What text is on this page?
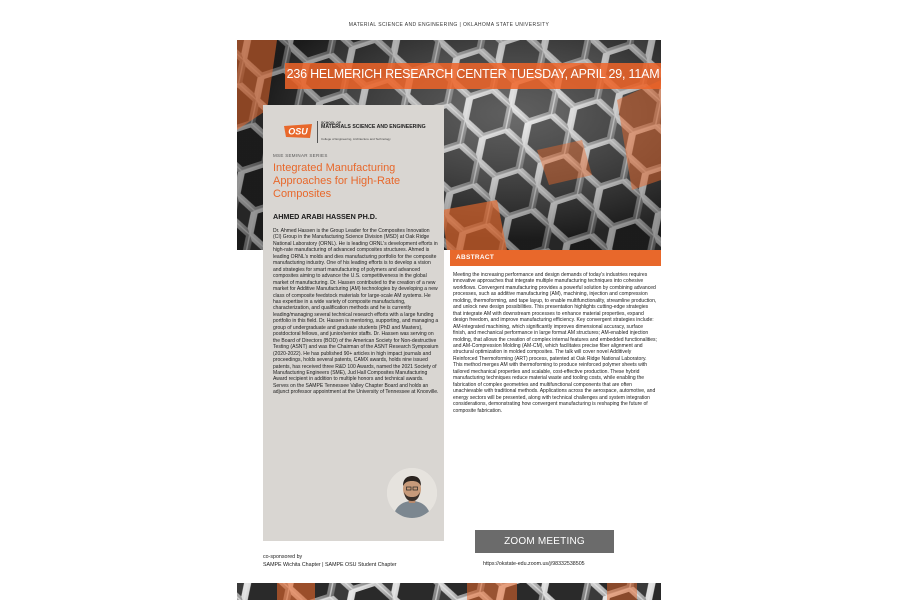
MATERIAL SCIENCE AND ENGINEERING | OKLAHOMA STATE UNIVERSITY
236 HELMERICH RESEARCH CENTER TUESDAY, APRIL 29, 11AM
OSU
SCHOOL OF
MATERIALS SCIENCE AND ENGINEERING
College of Engineering, Architecture and Technology
MSE SEMINAR SERIES
Integrated Manufacturing Approaches for High-Rate Composites
AHMED ARABI HASSEN PH.D.
Dr. Ahmed Hassen is the Group Leader for the Composites Innovation (CI) Group in the Manufacturing Science Division (MSD) at Oak Ridge National Laboratory (ORNL). He is leading ORNL's development efforts in high-rate manufacturing of advanced composites structures. Ahmed is leading ORNL's molds and dies manufacturing portfolio for the composite manufacturing industry. One of his leading efforts is to develop a vision and strategies for smart manufacturing of polymers and advanced composites aiming to advance the U.S. competitiveness in the global market of manufacturing. Dr. Hassen contributed to the creation of a new market for Additive Manufacturing (AM) technologies by developing a new class of composite feedstock materials for large-scale AM systems. He has expertise in a wide variety of composite manufacturing, characterization, and qualification methods and he is currently leading/managing several technical research efforts with a large funding portfolio in this field. Dr. Hassen is mentoring, supporting, and managing a group of undergraduate and graduate students (PhD and Masters), postdoctoral fellows, and junior/senior staffs. Dr. Hassen was serving on the Board of Directors (BOD) of the American Society for Non-destructive Testing (ASNT) and was the Chairman of the ASNT Research Symposium (2020-2022). He has published 90+ articles in high impact journals and proceedings, holds several patents, CAMX awards, holds nine issued patents, has received three R&D 100 Awards, named the 2021 Society of Manufacturing Engineers (SME), Jud Hall Composites Manufacturing Award recipient in addition to multiple honors and technical awards. Serves on the SAMPE Tennessee Valley Chapter Board and holds an adjunct professor appointment at the University of Tennessee at Knoxville.
ABSTRACT
Meeting the increasing performance and design demands of today's industries requires innovative approaches that integrate multiple manufacturing techniques into cohesive workflows. Convergent manufacturing provides a powerful solution by combining advanced processes, such as additive manufacturing (AM), machining, injection and compression molding, thermoforming, and tape layup, to enable multifunctionality, streamline production, and unlock new design possibilities. This presentation highlights cutting-edge strategies that integrate AM with downstream processes to enhance material properties, expand design freedom, and improve manufacturing efficiency. Key convergent strategies include: AM-integrated machining, which significantly improves dimensional accuracy, surface finish, and mechanical performance in large format AM structures; AM-enabled injection molding, that allows the creation of complex internal features and embedded functionalities; and AM-Compression Molding (AM-CM), which facilitates precise fiber alignment and structural optimization in molded composites. The talk will cover novel Additively Reinforced Thermoforming (ART) process, patented at Oak Ridge National Laboratory. This method merges AM with thermoforming to produce reinforced polymer sheets with tailored mechanical properties and scalable, cost-effective production. These hybrid manufacturing techniques reduce material waste and tooling costs, while enabling the fabrication of complex geometries and multifunctional components that are often unachievable with traditional methods. Applications across the aerospace, automotive, and energy sectors will be presented, along with technical challenges and system integration considerations, demonstrating how convergent manufacturing is reshaping the future of composite fabrication.
ZOOM MEETING
https://okstate-edu.zoom.us/j/98332538505
co-sponsored by
SAMPE Wichita Chapter | SAMPE OSU Student Chapter
